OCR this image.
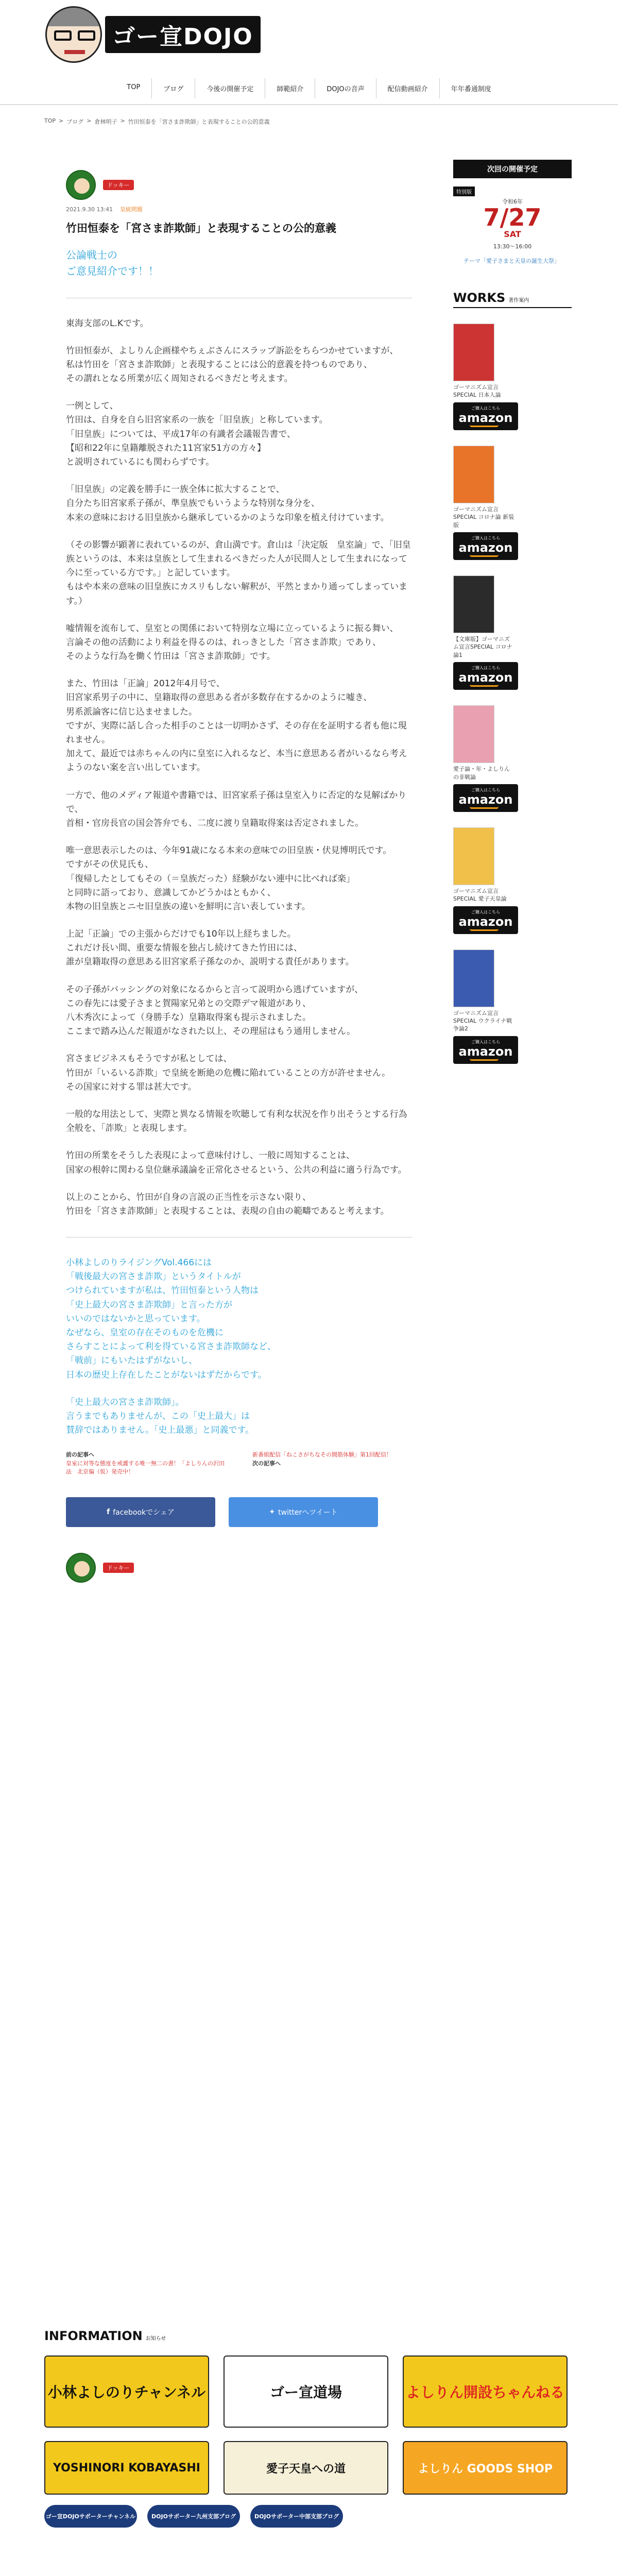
ゴー宣DOJO
TOP	ブログ	今後の開催予定	師範紹介	DOJOの音声	配信動画紹介	年年番通制度
TOP > ブログ > 倉林明子 > 竹田恒泰を「宮さま詐欺師」と表現することの公的意義
ドッキー
2021.9.30 13:41 皇統問題
竹田恒泰を「宮さま詐欺師」と表現することの公的意義
公論戦士の
ご意見紹介です！！

東海支部のL.Kです。

竹田恒泰が、よしりん企画様やちぇぶさんにスラップ訴訟をちらつかせていますが、
私は竹田を「宮さま詐欺師」と表現することには公的意義を持つものであり、
その謂れとなる所業が広く周知されるべきだと考えます。

一例として、
竹田は、自身を自ら旧宮家系の一族を「旧皇族」と称しています。
「旧皇族」については、平成17年の有識者会議報告書で、
【昭和22年に皇籍離脱された11宮家51方の方々】
と説明されているにも関わらずです。

「旧皇族」の定義を勝手に一族全体に拡大することで、
自分たち旧宮家系子孫が、準皇族でもいうような特別な身分を、
本来の意味における旧皇族から継承しているかのような印象を植え付けています。

（その影響が顕著に表れているのが、倉山満です。倉山は「決定版　皇室論」で、「旧皇族というのは、本来は皇族として生まれるべきだった人が民間人として生まれになって今に至っている方です。」と記しています。
もはや本来の意味の旧皇族にカスリもしない解釈が、平然とまかり通ってしまっています。）

嘘情報を流布して、皇室との関係において特別な立場に立っているように振る舞い、
言論その他の活動により利益を得るのは、れっきとした「宮さま詐欺」であり、
そのような行為を働く竹田は「宮さま詐欺師」です。

また、竹田は「正論」2012年4月号で、
旧宮家系男子の中に、皇籍取得の意思ある者が多数存在するかのように嘘き、
男系派論客に信じ込ませました。
ですが、実際に話し合った相手のことは一切明かさず、その存在を証明する者も他に現れません。
加えて、最近では赤ちゃんの内に皇室に入れるなど、本当に意思ある者がいるなら考えようのない案を言い出しています。

一方で、他のメディア報道や書籍では、旧宮家系子孫は皇室入りに否定的な見解ばかりで、
首相・官房長官の国会答弁でも、二度に渡り皇籍取得案は否定されました。

唯一意思表示したのは、今年91歳になる本来の意味での旧皇族・伏見博明氏です。
ですがその伏見氏も、
「復帰したとしてもその（＝皇族だった）経験がない連中に比べれば楽」
と同時に語っており、意識してかどうかはともかく、
本物の旧皇族とニセ旧皇族の違いを鮮明に言い表しています。

上記「正論」での主張からだけでも10年以上経ちました。
これだけ長い間、重要な情報を独占し続けてきた竹田には、
誰が皇籍取得の意思ある旧宮家系子孫なのか、説明する責任があります。

その子孫がバッシングの対象になるからと言って説明から逃げていますが、
この春先には愛子さまと賀陽家兄弟との交際デマ報道があり、
八木秀次によって（身勝手な）皇籍取得案も提示されました。
ここまで踏み込んだ報道がなされた以上、その理屈はもう通用しません。

宮さまビジネスもそうですが私としては、
竹田が「いるいる詐欺」で皇統を断絶の危機に陥れていることの方が許せません。
その国家に対する罪は甚大です。

一般的な用法として、実際と異なる情報を吹聴して有利な状況を作り出そうとする行為全般を、「詐欺」と表現します。

竹田の所業をそうした表現によって意味付けし、一般に周知することは、
国家の根幹に関わる皇位継承議論を正常化させるという、公共の利益に適う行為です。

以上のことから、竹田が自身の言説の正当性を示さない限り、
竹田を「宮さま詐欺師」と表現することは、表現の自由の範疇であると考えます。

小林よしのりライジングVol.466には
「戦後最大の宮さま詐欺」というタイトルが
つけられていますが私は、竹田恒泰という人物は
「史上最大の宮さま詐欺師」と言った方が
いいのではないかと思っています。
なぜなら、皇室の存在そのものを危機に
さらすことによって利を得ている宮さま詐欺師など、
「戦前」にもいたはずがないし、
日本の歴史上存在したことがないはずだからです。

「史上最大の宮さま詐欺師」。
言うまでもありませんが、この「史上最大」は
賛辞ではありません。「史上最悪」と同義です。

前の記事へ
皇室に対等な態度を戒護する唯一無二の書！「よしりんの沢田法　北京偏（仮）発売中！
新番組配信「ねこさがちなその間筋体験」第1回配信！
次の記事へ
f facebookでシェア	✦ twitterへツイート
ドッキー
次回の開催予定
特別版
令和6年
7/27
SAT
13:30〜16:00
テーマ「愛子さまと天皇の誕生大祭」
WORKS 著作案内
ゴーマニズム宣言SPECIAL 日本人論
ご購入はこちら
amazon
ゴーマニズム宣言SPECIAL コロナ論 新装版
ご購入はこちら
amazon
【文庫版】ゴーマニズム宣言SPECIAL コロナ論1
ご購入はこちら
amazon
愛子論・年・よしりんの非戦論
ご購入はこちら
amazon
ゴーマニズム宣言SPECIAL 愛子天皇論
ご購入はこちら
amazon
ゴーマニズム宣言SPECIAL ウクライナ戦争論2
ご購入はこちら
amazon
INFORMATION お知らせ
小林よしのりチャンネル	ゴー宣道場	よしりん開設ちゃんねる
YOSHINORI KOBAYASHI	愛子天皇への道	よしりん GOODS SHOP
ゴー宣DOJOサポーターチャンネル	DOJOサポーター九州支部ブログ	DOJOサポーター中部支部ブログ
